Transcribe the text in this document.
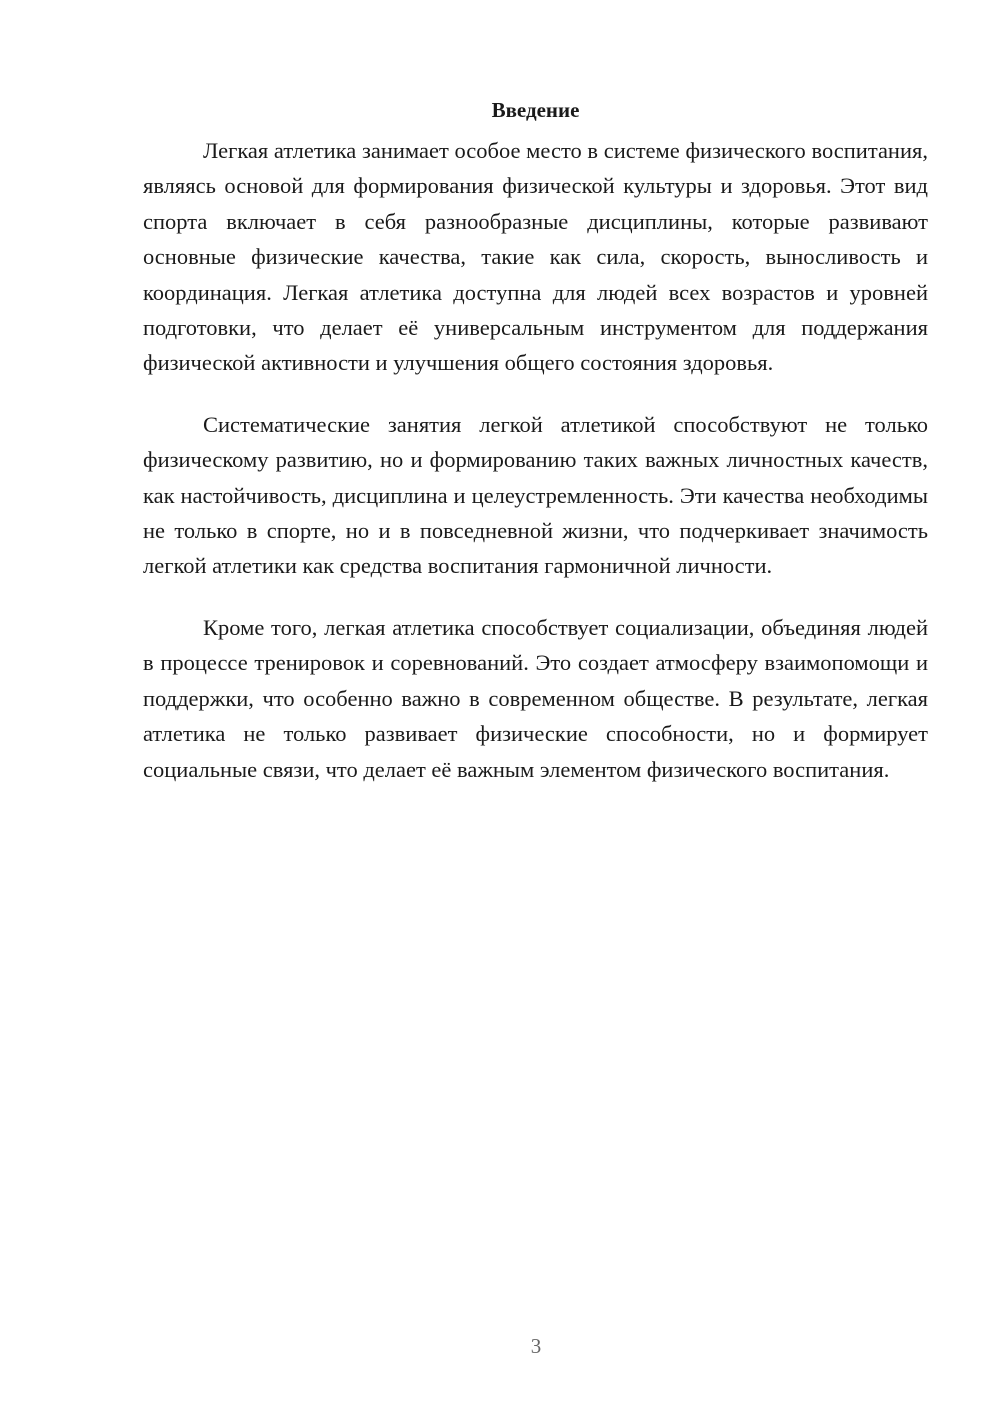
Введение

Легкая атлетика занимает особое место в системе физического воспитания, являясь основой для формирования физической культуры и здоровья. Этот вид спорта включает в себя разнообразные дисциплины, которые развивают основные физические качества, такие как сила, скорость, выносливость и координация. Легкая атлетика доступна для людей всех возрастов и уровней подготовки, что делает её универсальным инструментом для поддержания физической активности и улучшения общего состояния здоровья.

Систематические занятия легкой атлетикой способствуют не только физическому развитию, но и формированию таких важных личностных качеств, как настойчивость, дисциплина и целеустремленность. Эти качества необходимы не только в спорте, но и в повседневной жизни, что подчеркивает значимость легкой атлетики как средства воспитания гармоничной личности.

Кроме того, легкая атлетика способствует социализации, объединяя людей в процессе тренировок и соревнований. Это создает атмосферу взаимопомощи и поддержки, что особенно важно в современном обществе. В результате, легкая атлетика не только развивает физические способности, но и формирует социальные связи, что делает её важным элементом физического воспитания.

3
